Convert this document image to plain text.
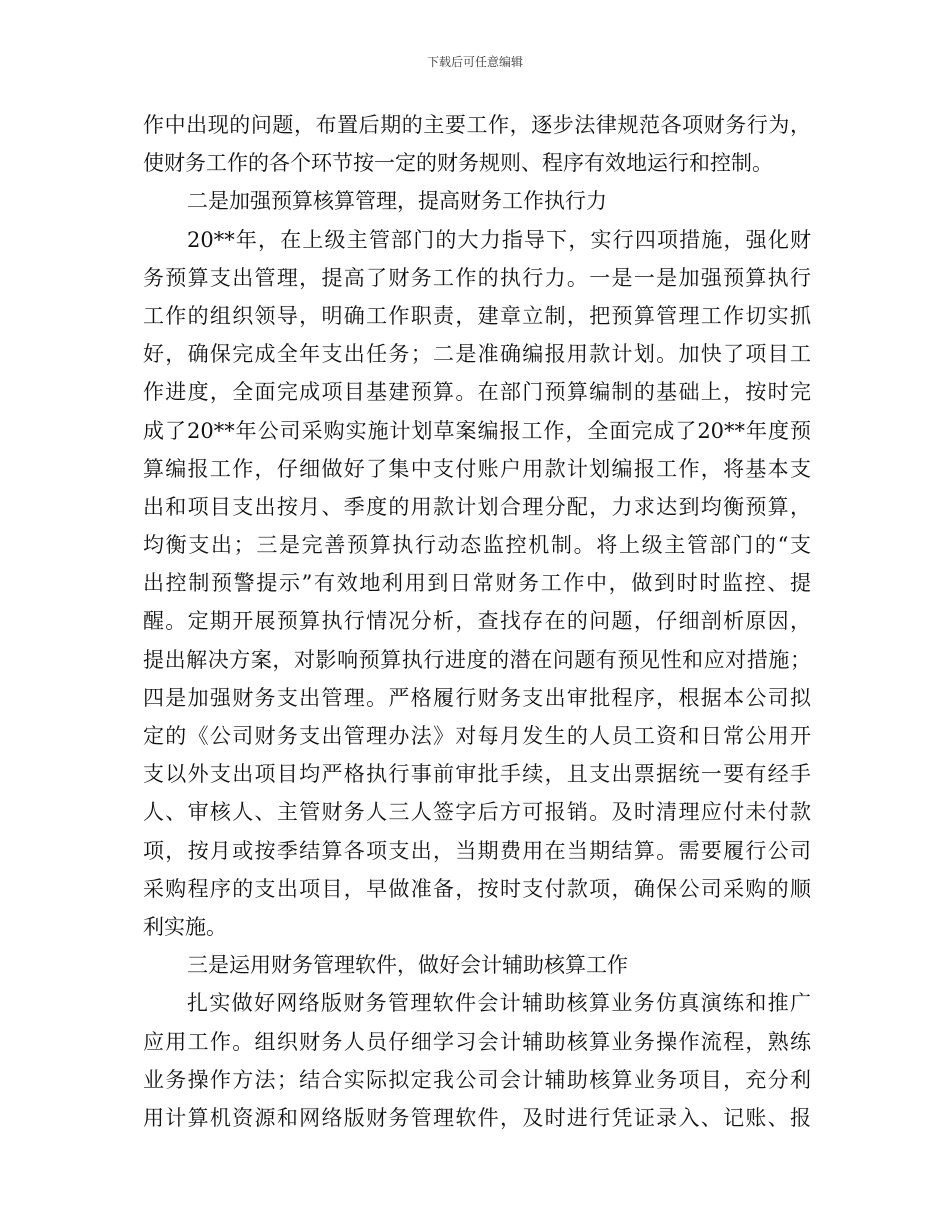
下载后可任意编辑
作中出现的问题，布置后期的主要工作，逐步法律规范各项财务行为，
使财务工作的各个环节按一定的财务规则、程序有效地运行和控制。
二是加强预算核算管理，提高财务工作执行力
20**年，在上级主管部门的大力指导下，实行四项措施，强化财
务预算支出管理，提高了财务工作的执行力。一是一是加强预算执行
工作的组织领导，明确工作职责，建章立制，把预算管理工作切实抓
好，确保完成全年支出任务；二是准确编报用款计划。加快了项目工
作进度，全面完成项目基建预算。在部门预算编制的基础上，按时完
成了20**年公司采购实施计划草案编报工作，全面完成了20**年度预
算编报工作，仔细做好了集中支付账户用款计划编报工作，将基本支
出和项目支出按月、季度的用款计划合理分配，力求达到均衡预算，
均衡支出；三是完善预算执行动态监控机制。将上级主管部门的“支
出控制预警提示”有效地利用到日常财务工作中，做到时时监控、提
醒。定期开展预算执行情况分析，查找存在的问题，仔细剖析原因，
提出解决方案，对影响预算执行进度的潜在问题有预见性和应对措施；
四是加强财务支出管理。严格履行财务支出审批程序，根据本公司拟
定的《公司财务支出管理办法》对每月发生的人员工资和日常公用开
支以外支出项目均严格执行事前审批手续，且支出票据统一要有经手
人、审核人、主管财务人三人签字后方可报销。及时清理应付未付款
项，按月或按季结算各项支出，当期费用在当期结算。需要履行公司
采购程序的支出项目，早做准备，按时支付款项，确保公司采购的顺
利实施。
三是运用财务管理软件，做好会计辅助核算工作
扎实做好网络版财务管理软件会计辅助核算业务仿真演练和推广
应用工作。组织财务人员仔细学习会计辅助核算业务操作流程，熟练
业务操作方法；结合实际拟定我公司会计辅助核算业务项目，充分利
用计算机资源和网络版财务管理软件，及时进行凭证录入、记账、报
